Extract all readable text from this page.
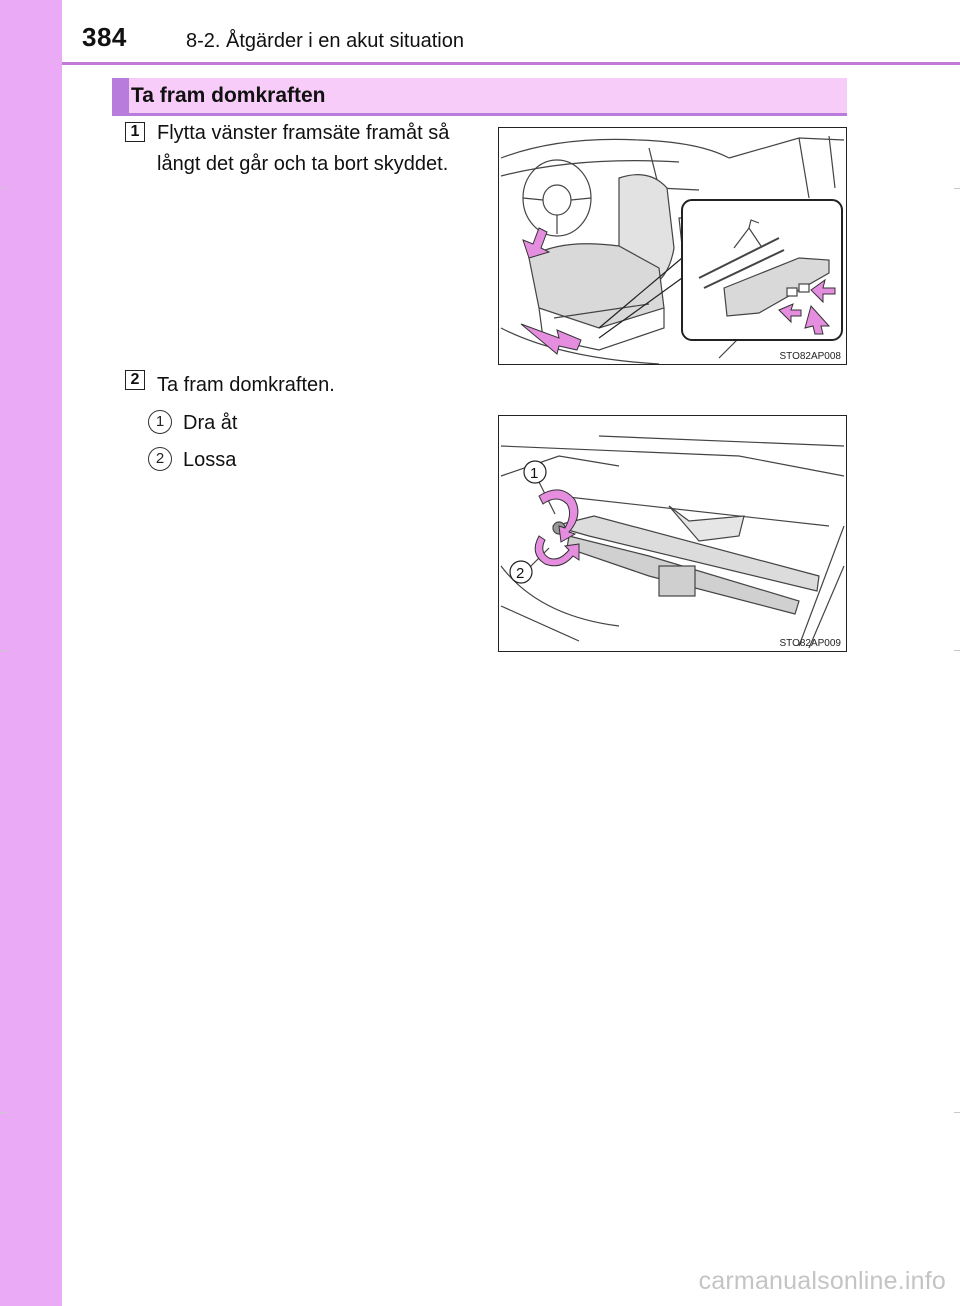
384	8-2. Åtgärder i en akut situation
Ta fram domkraften
1 Flytta vänster framsäte framåt så
långt det går och ta bort skyddet.
STO82AP008
2 Ta fram domkraften.
1 Dra åt
2 Lossa
1
2
STO82AP009
carmanualsonline.info
